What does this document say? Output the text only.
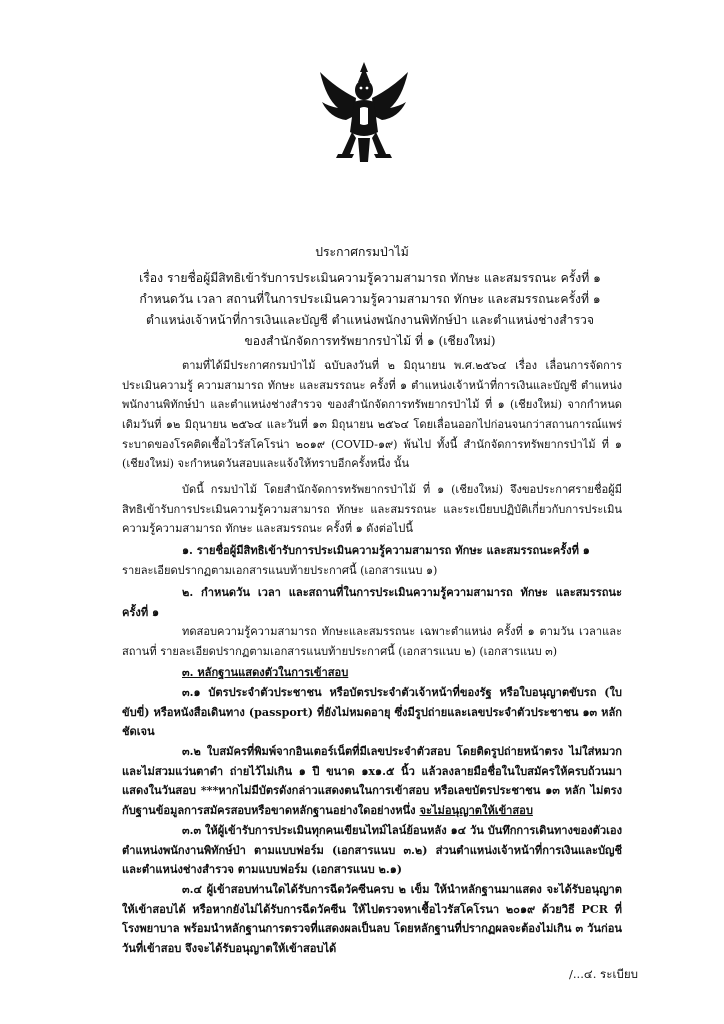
ประกาศกรมป่าไม้
เรื่อง รายชื่อผู้มีสิทธิเข้ารับการประเมินความรู้ความสามารถ ทักษะ และสมรรถนะ ครั้งที่ ๑
กำหนดวัน เวลา สถานที่ในการประเมินความรู้ความสามารถ ทักษะ และสมรรถนะครั้งที่ ๑
ตำแหน่งเจ้าหน้าที่การเงินและบัญชี ตำแหน่งพนักงานพิทักษ์ป่า และตำแหน่งช่างสำรวจ
ของสำนักจัดการทรัพยากรป่าไม้ ที่ ๑ (เชียงใหม่)

ตามที่ได้มีประกาศกรมป่าไม้ ฉบับลงวันที่ ๒ มิถุนายน พ.ศ.๒๕๖๔ เรื่อง เลื่อนการจัดการประเมินความรู้ ความสามารถ ทักษะ และสมรรถนะ ครั้งที่ ๑ ตำแหน่งเจ้าหน้าที่การเงินและบัญชี ตำแหน่งพนักงานพิทักษ์ป่า และตำแหน่งช่างสำรวจ ของสำนักจัดการทรัพยากรป่าไม้ ที่ ๑ (เชียงใหม่) จากกำหนดเดิมวันที่ ๑๒ มิถุนายน ๒๕๖๔ และวันที่ ๑๓ มิถุนายน ๒๕๖๔ โดยเลื่อนออกไปก่อนจนกว่าสถานการณ์แพร่ระบาดของโรคติดเชื้อไวรัสโคโรน่า ๒๐๑๙ (COVID-๑๙) พ้นไป ทั้งนี้ สำนักจัดการทรัพยากรป่าไม้ ที่ ๑ (เชียงใหม่) จะกำหนดวันสอบและแจ้งให้ทราบอีกครั้งหนึ่ง นั้น

บัดนี้ กรมป่าไม้ โดยสำนักจัดการทรัพยากรป่าไม้ ที่ ๑ (เชียงใหม่) จึงขอประกาศรายชื่อผู้มีสิทธิเข้ารับการประเมินความรู้ความสามารถ ทักษะ และสมรรถนะ และระเบียบปฏิบัติเกี่ยวกับการประเมินความรู้ความสามารถ ทักษะ และสมรรถนะ ครั้งที่ ๑ ดังต่อไปนี้

๑. รายชื่อผู้มีสิทธิเข้ารับการประเมินความรู้ความสามารถ ทักษะ และสมรรถนะครั้งที่ ๑

รายละเอียดปรากฏตามเอกสารแนบท้ายประกาศนี้ (เอกสารแนบ ๑)

๒. กำหนดวัน เวลา และสถานที่ในการประเมินความรู้ความสามารถ ทักษะ และสมรรถนะ ครั้งที่ ๑

ทดสอบความรู้ความสามารถ ทักษะและสมรรถนะ เฉพาะตำแหน่ง ครั้งที่ ๑ ตามวัน เวลาและสถานที่ รายละเอียดปรากฏตามเอกสารแนบท้ายประกาศนี้ (เอกสารแนบ ๒) (เอกสารแนบ ๓)

๓. หลักฐานแสดงตัวในการเข้าสอบ

๓.๑ บัตรประจำตัวประชาชน หรือบัตรประจำตัวเจ้าหน้าที่ของรัฐ หรือใบอนุญาตขับรถ (ใบขับขี่) หรือหนังสือเดินทาง (passport) ที่ยังไม่หมดอายุ ซึ่งมีรูปถ่ายและเลขประจำตัวประชาชน ๑๓ หลัก ชัดเจน

๓.๒ ใบสมัครที่พิมพ์จากอินเตอร์เน็ตที่มีเลขประจำตัวสอบ โดยติดรูปถ่ายหน้าตรง ไม่ใส่หมวกและไม่สวมแว่นตาดำ ถ่ายไว้ไม่เกิน ๑ ปี ขนาด ๑x๑.๕ นิ้ว แล้วลงลายมือชื่อในใบสมัครให้ครบถ้วนมาแสดงในวันสอบ ***หากไม่มีบัตรดังกล่าวแสดงตนในการเข้าสอบ หรือเลขบัตรประชาชน ๑๓ หลัก ไม่ตรงกับฐานข้อมูลการสมัครสอบหรือขาดหลักฐานอย่างใดอย่างหนึ่ง จะไม่อนุญาตให้เข้าสอบ

๓.๓ ให้ผู้เข้ารับการประเมินทุกคนเขียนไทม์ไลน์ย้อนหลัง ๑๔ วัน บันทึกการเดินทางของตัวเอง ตำแหน่งพนักงานพิทักษ์ป่า ตามแบบฟอร์ม (เอกสารแนบ ๓.๒) ส่วนตำแหน่งเจ้าหน้าที่การเงินและบัญชี และตำแหน่งช่างสำรวจ ตามแบบฟอร์ม (เอกสารแนบ ๒.๑)

/...๔. ระเบียบ

๓.๔ ผู้เข้าสอบท่านใดได้รับการฉีดวัคซีนครบ ๒ เข็ม ให้นำหลักฐานมาแสดง จะได้รับอนุญาตให้เข้าสอบได้ หรือหากยังไม่ได้รับการฉีดวัคซีน ให้ไปตรวจหาเชื้อไวรัสโคโรนา ๒๐๑๙ ด้วยวิธี PCR ที่โรงพยาบาล พร้อมนำหลักฐานการตรวจที่แสดงผลเป็นลบ โดยหลักฐานที่ปรากฏผลจะต้องไม่เกิน ๓ วันก่อนวันที่เข้าสอบ จึงจะได้รับอนุญาตให้เข้าสอบได้
